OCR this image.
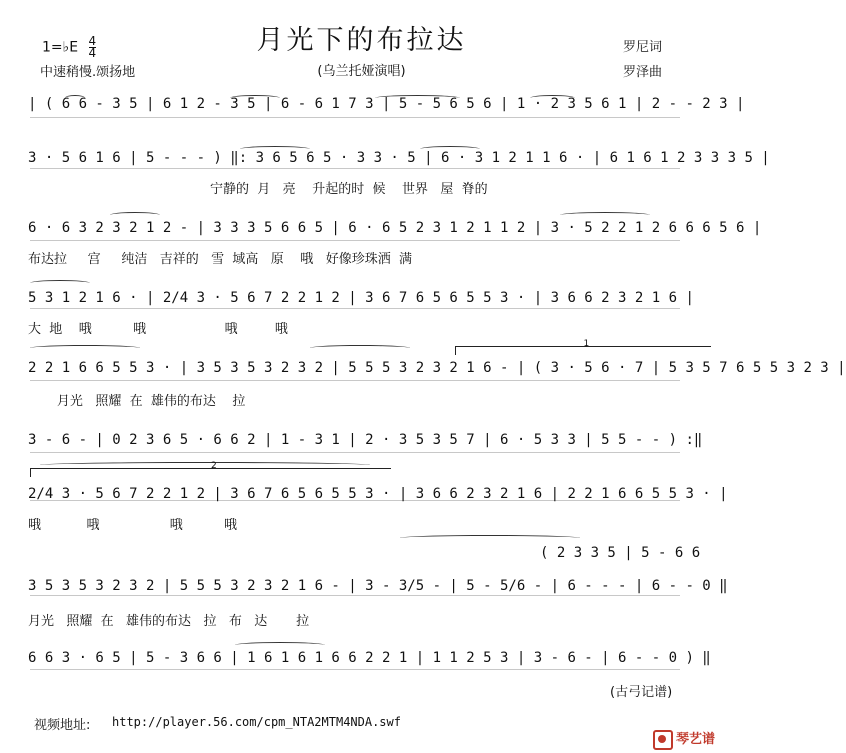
月光下的布拉达
(乌兰托娅演唱)
1=♭E $\frac{4}{4}$
中速稍慢.颂扬地
罗尼词
罗泽曲
| ( 6 6 - 3 5 | 6 1 2 - 3 5 | 6 - 6 1 7 3 | 5 - 5 6 5 6 | 1 · 2 3 5 6 1 | 2 - - 2 3 |
3 · 5 6 1 6 | 5 - - - ) ‖: 3 6 5 6 5 · 3 3 · 5 | 6 · 3 1 2 1 1 6 · | 6 1 6 1 2 3 3 3 5 |
宁静的  月   亮    升起的时  候    世界   屋  脊的
6 · 6 3 2 3 2 1 2 - | 3 3 3 5 6 6 5 | 6 · 6 5 2 3 1 2 1 1 2 | 3 · 5 2 2 1 2 6 6 6 5 6 |
布达拉     宫     纯洁   吉祥的   雪  域高   原    哦   好像珍珠洒  满
5 3 1 2 1 6 · | 2/4 3 · 5 6 7 2 2 1 2 | 3 6 7 6 5 6 5 5 3 · | 3 6 6 2 3 2 1 6 |
大  地    哦          哦                   哦         哦
2 2 1 6 6 5 5 3 · | 3 5 3 5 3 2 3 2 | 5 5 5 3 2 3 2 1 6 - | ( 3 · 5 6 · 7 | 5 3 5 7 6 5 5 3 2 3 |
月光   照耀  在  雄伟的布达    拉
3 - 6 - | 0 2 3 6 5 · 6 6 2 | 1 - 3 1 | 2 · 3 5 3 5 7 | 6 · 5 3 3 | 5 5 - - ) :‖
2/4 3 · 5 6 7 2 2 1 2 | 3 6 7 6 5 6 5 5 3 · | 3 6 6 2 3 2 1 6 | 2 2 1 6 6 5 5 3 · |
哦           哦                 哦          哦
( 2 3 3 5 | 5 - 6 6
3 5 3 5 3 2 3 2 | 5 5 5 3 2 3 2 1 6 - | 3 - 3/5 - | 5 - 5/6 - | 6 - - - | 6 - - 0 ‖
月光   照耀  在   雄伟的布达   拉   布   达       拉
6 6 3 · 6 5 | 5 - 3 6 6 | 1 6 1 6 1 6 6 2 2 1 | 1 1 2 5 3 | 3 - 6 - | 6 - - 0 ) ‖
1
2
(古弓记谱)
视频地址: http://player.56.com/cpm_NTA2MTM4NDA.swf
琴艺谱
